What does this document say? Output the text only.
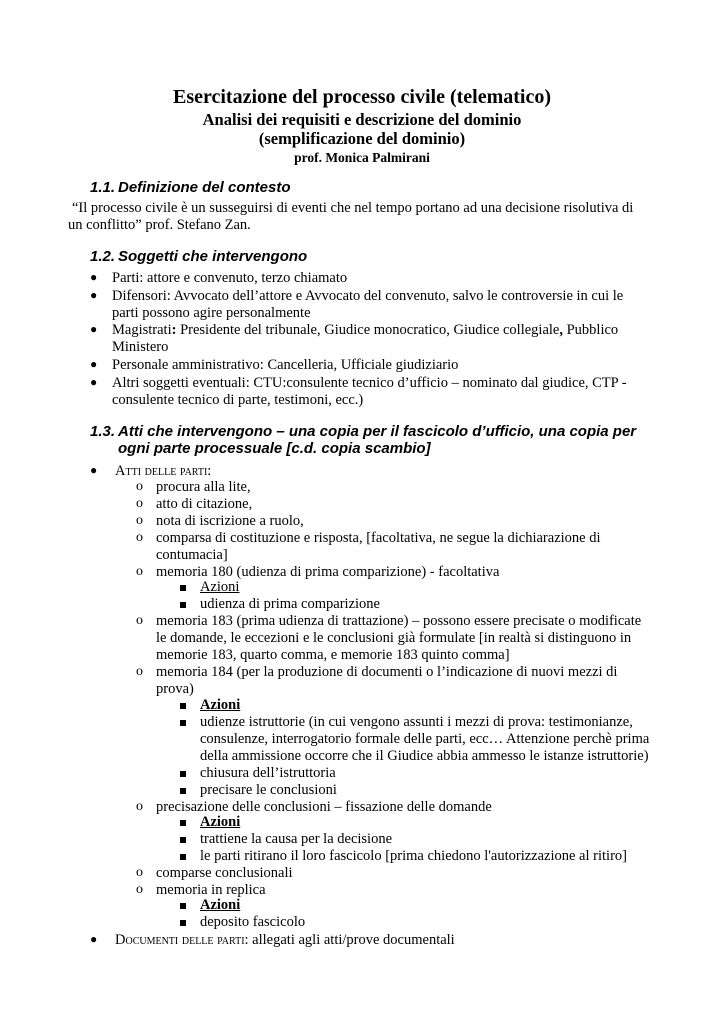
Esercitazione del processo civile (telematico)
Analisi dei requisiti e descrizione del dominio
(semplificazione del dominio)
prof. Monica Palmirani
1.1. Definizione del contesto
“Il processo civile è un susseguirsi di eventi che nel tempo portano ad una decisione risolutiva di
un conflitto” prof. Stefano Zan.
1.2. Soggetti che intervengono
● Parti: attore e convenuto, terzo chiamato
● Difensori: Avvocato dell’attore e Avvocato del convenuto, salvo le controversie in cui le
parti possono agire personalmente
● Magistrati: Presidente del tribunale, Giudice monocratico, Giudice collegiale, Pubblico
Ministero
● Personale amministrativo: Cancelleria, Ufficiale giudiziario
● Altri soggetti eventuali: CTU:consulente tecnico d’ufficio – nominato dal giudice, CTP -
consulente tecnico di parte, testimoni, ecc.)
1.3. Atti che intervengono – una copia per il fascicolo d’ufficio, una copia per
ogni parte processuale [c.d. copia scambio]
● Atti delle parti:
o procura alla lite,
o atto di citazione,
o nota di iscrizione a ruolo,
o comparsa di costituzione e risposta, [facoltativa, ne segue la dichiarazione di
contumacia]
o memoria 180 (udienza di prima comparizione) - facoltativa
Azioni
udienza di prima comparizione
o memoria 183 (prima udienza di trattazione) – possono essere precisate o modificate
le domande, le eccezioni e le conclusioni già formulate [in realtà si distinguono in
memorie 183, quarto comma, e memorie 183 quinto comma]
o memoria 184 (per la produzione di documenti o l’indicazione di nuovi mezzi di
prova)
Azioni
udienze istruttorie (in cui vengono assunti i mezzi di prova: testimonianze,
consulenze, interrogatorio formale delle parti, ecc… Attenzione perchè prima
della ammissione occorre che il Giudice abbia ammesso le istanze istruttorie)
chiusura dell’istruttoria
precisare le conclusioni
o precisazione delle conclusioni – fissazione delle domande
Azioni
trattiene la causa per la decisione
le parti ritirano il loro fascicolo [prima chiedono l'autorizzazione al ritiro]
o comparse conclusionali
o memoria in replica
Azioni
deposito fascicolo
● Documenti delle parti: allegati agli atti/prove documentali
